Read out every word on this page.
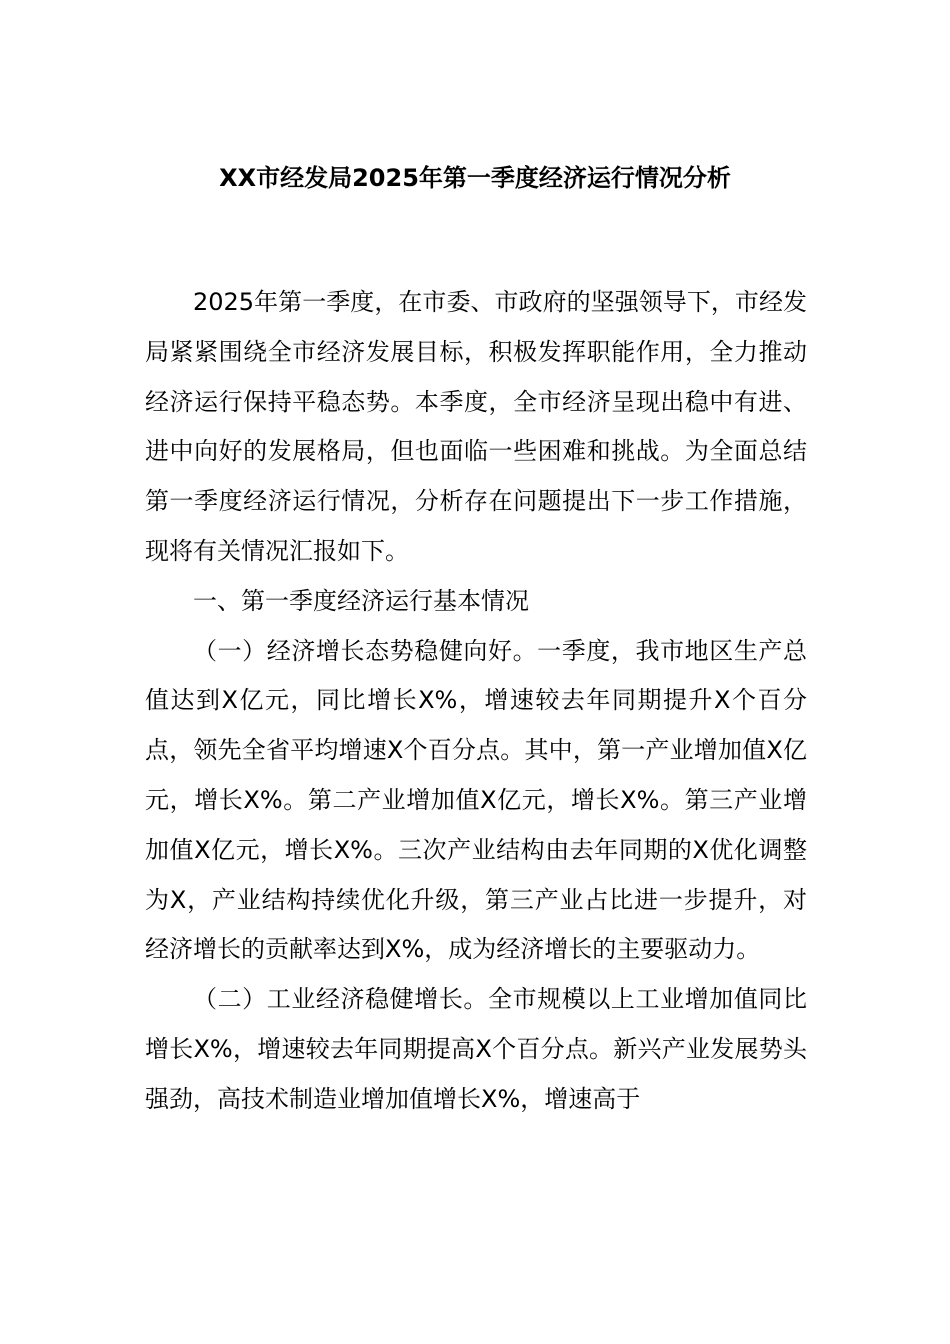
XX市经发局2025年第一季度经济运行情况分析

2025年第一季度，在市委、市政府的坚强领导下，市经发局紧紧围绕全市经济发展目标，积极发挥职能作用，全力推动经济运行保持平稳态势。本季度，全市经济呈现出稳中有进、进中向好的发展格局，但也面临一些困难和挑战。为全面总结第一季度经济运行情况，分析存在问题提出下一步工作措施，现将有关情况汇报如下。

一、第一季度经济运行基本情况

（一）经济增长态势稳健向好。一季度，我市地区生产总值达到X亿元，同比增长X%，增速较去年同期提升X个百分点，领先全省平均增速X个百分点。其中，第一产业增加值X亿元，增长X%。第二产业增加值X亿元，增长X%。第三产业增加值X亿元，增长X%。三次产业结构由去年同期的X优化调整为X，产业结构持续优化升级，第三产业占比进一步提升，对经济增长的贡献率达到X%，成为经济增长的主要驱动力。

（二）工业经济稳健增长。全市规模以上工业增加值同比增长X%，增速较去年同期提高X个百分点。新兴产业发展势头强劲，高技术制造业增加值增长X%，增速高于
